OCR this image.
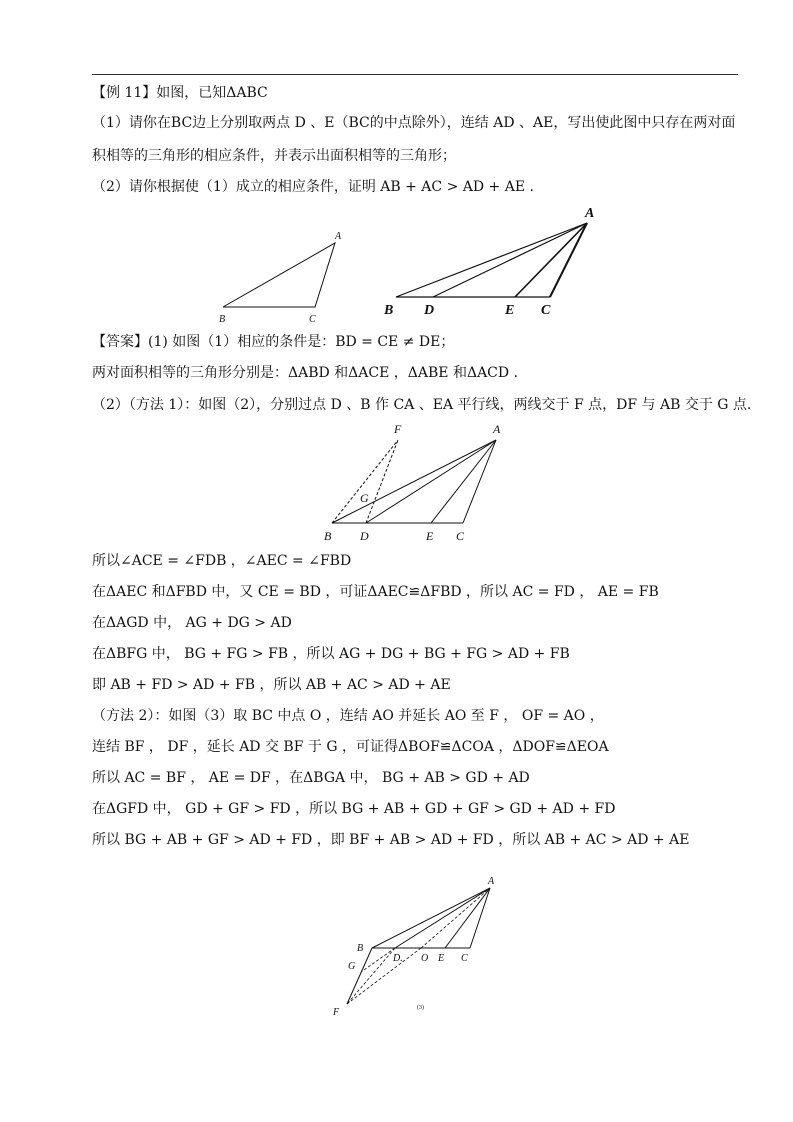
【例 11】如图，已知ΔABC
（1）请你在BC边上分别取两点 D 、E（BC的中点除外），连结 AD 、AE，写出使此图中只存在两对面
积相等的三角形的相应条件，并表示出面积相等的三角形；
（2）请你根据使（1）成立的相应条件，证明 AB + AC > AD + AE .
A
B	C
A
B D	E C
【答案】(1) 如图（1）相应的条件是：BD = CE ≠ DE；
两对面积相等的三角形分别是：ΔABD 和ΔACE ，ΔABE 和ΔACD .
（2）（方法 1）：如图（2），分别过点 D 、B 作 CA 、EA 平行线，两线交于 F 点，DF 与 AB 交于 G 点.
F	A
G
B D	E C
所以∠ACE = ∠FDB ，∠AEC = ∠FBD
在ΔAEC 和ΔFBD 中，又 CE = BD ，可证ΔAEC≌ΔFBD ，所以 AC = FD ， AE = FB
在ΔAGD 中， AG + DG > AD
在ΔBFG 中， BG + FG > FB ，所以 AG + DG + BG + FG > AD + FB
即 AB + FD > AD + FB ，所以 AB + AC > AD + AE
（方法 2）：如图（3）取 BC 中点 O ，连结 AO 并延长 AO 至 F ， OF = AO ，
连结 BF ， DF ，延长 AD 交 BF 于 G ，可证得ΔBOF≌ΔCOA ，ΔDOF≌ΔEOA
所以 AC = BF ， AE = DF ，在ΔBGA 中， BG + AB > GD + AD
在ΔGFD 中， GD + GF > FD ，所以 BG + AB + GD + GF > GD + AD + FD
所以 BG + AB + GF > AD + FD ，即 BF + AB > AD + FD ，所以 AB + AC > AD + AE
A
B
G
D. O E C
F	(3)
